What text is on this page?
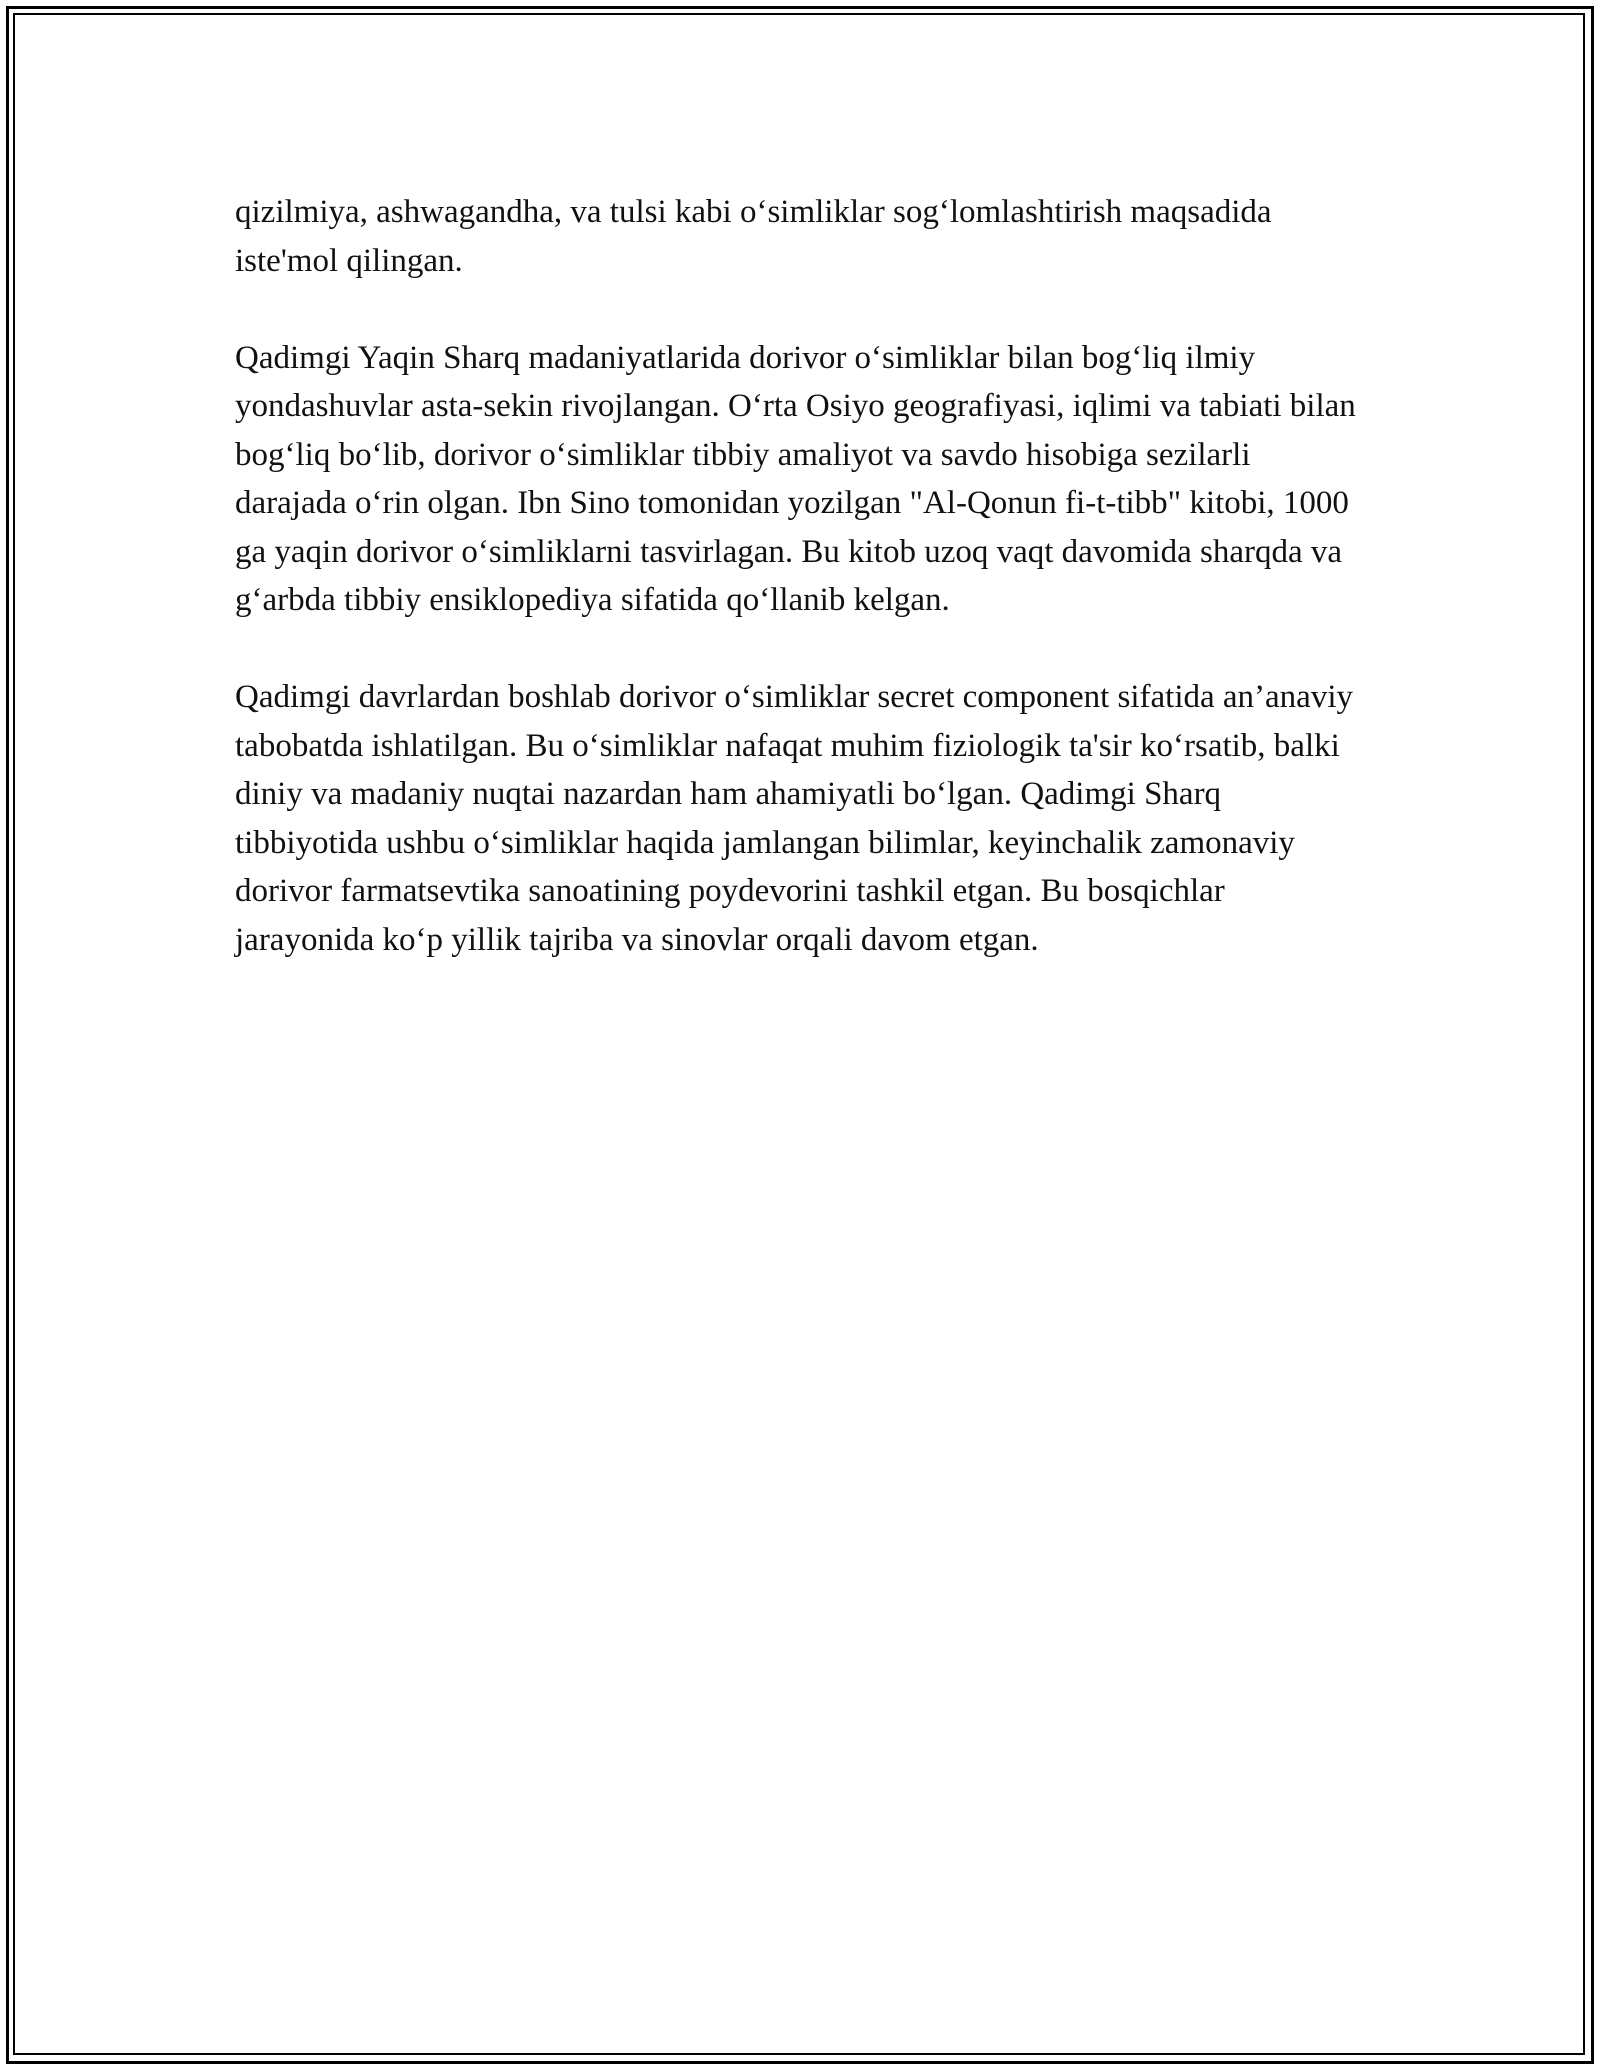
qizilmiya, ashwagandha, va tulsi kabi o‘simliklar sog‘lomlashtirish maqsadida iste'mol qilingan.

Qadimgi Yaqin Sharq madaniyatlarida dorivor o‘simliklar bilan bog‘liq ilmiy yondashuvlar asta-sekin rivojlangan. O‘rta Osiyo geografiyasi, iqlimi va tabiati bilan bog‘liq bo‘lib, dorivor o‘simliklar tibbiy amaliyot va savdo hisobiga sezilarli darajada o‘rin olgan. Ibn Sino tomonidan yozilgan "Al-Qonun fi-t-tibb" kitobi, 1000 ga yaqin dorivor o‘simliklarni tasvirlagan. Bu kitob uzoq vaqt davomida sharqda va g‘arbda tibbiy ensiklopediya sifatida qo‘llanib kelgan.

Qadimgi davrlardan boshlab dorivor o‘simliklar secret component sifatida an’anaviy tabobatda ishlatilgan. Bu o‘simliklar nafaqat muhim fiziologik ta'sir ko‘rsatib, balki diniy va madaniy nuqtai nazardan ham ahamiyatli bo‘lgan. Qadimgi Sharq tibbiyotida ushbu o‘simliklar haqida jamlangan bilimlar, keyinchalik zamonaviy dorivor farmatsevtika sanoatining poydevorini tashkil etgan. Bu bosqichlar jarayonida ko‘p yillik tajriba va sinovlar orqali davom etgan.
